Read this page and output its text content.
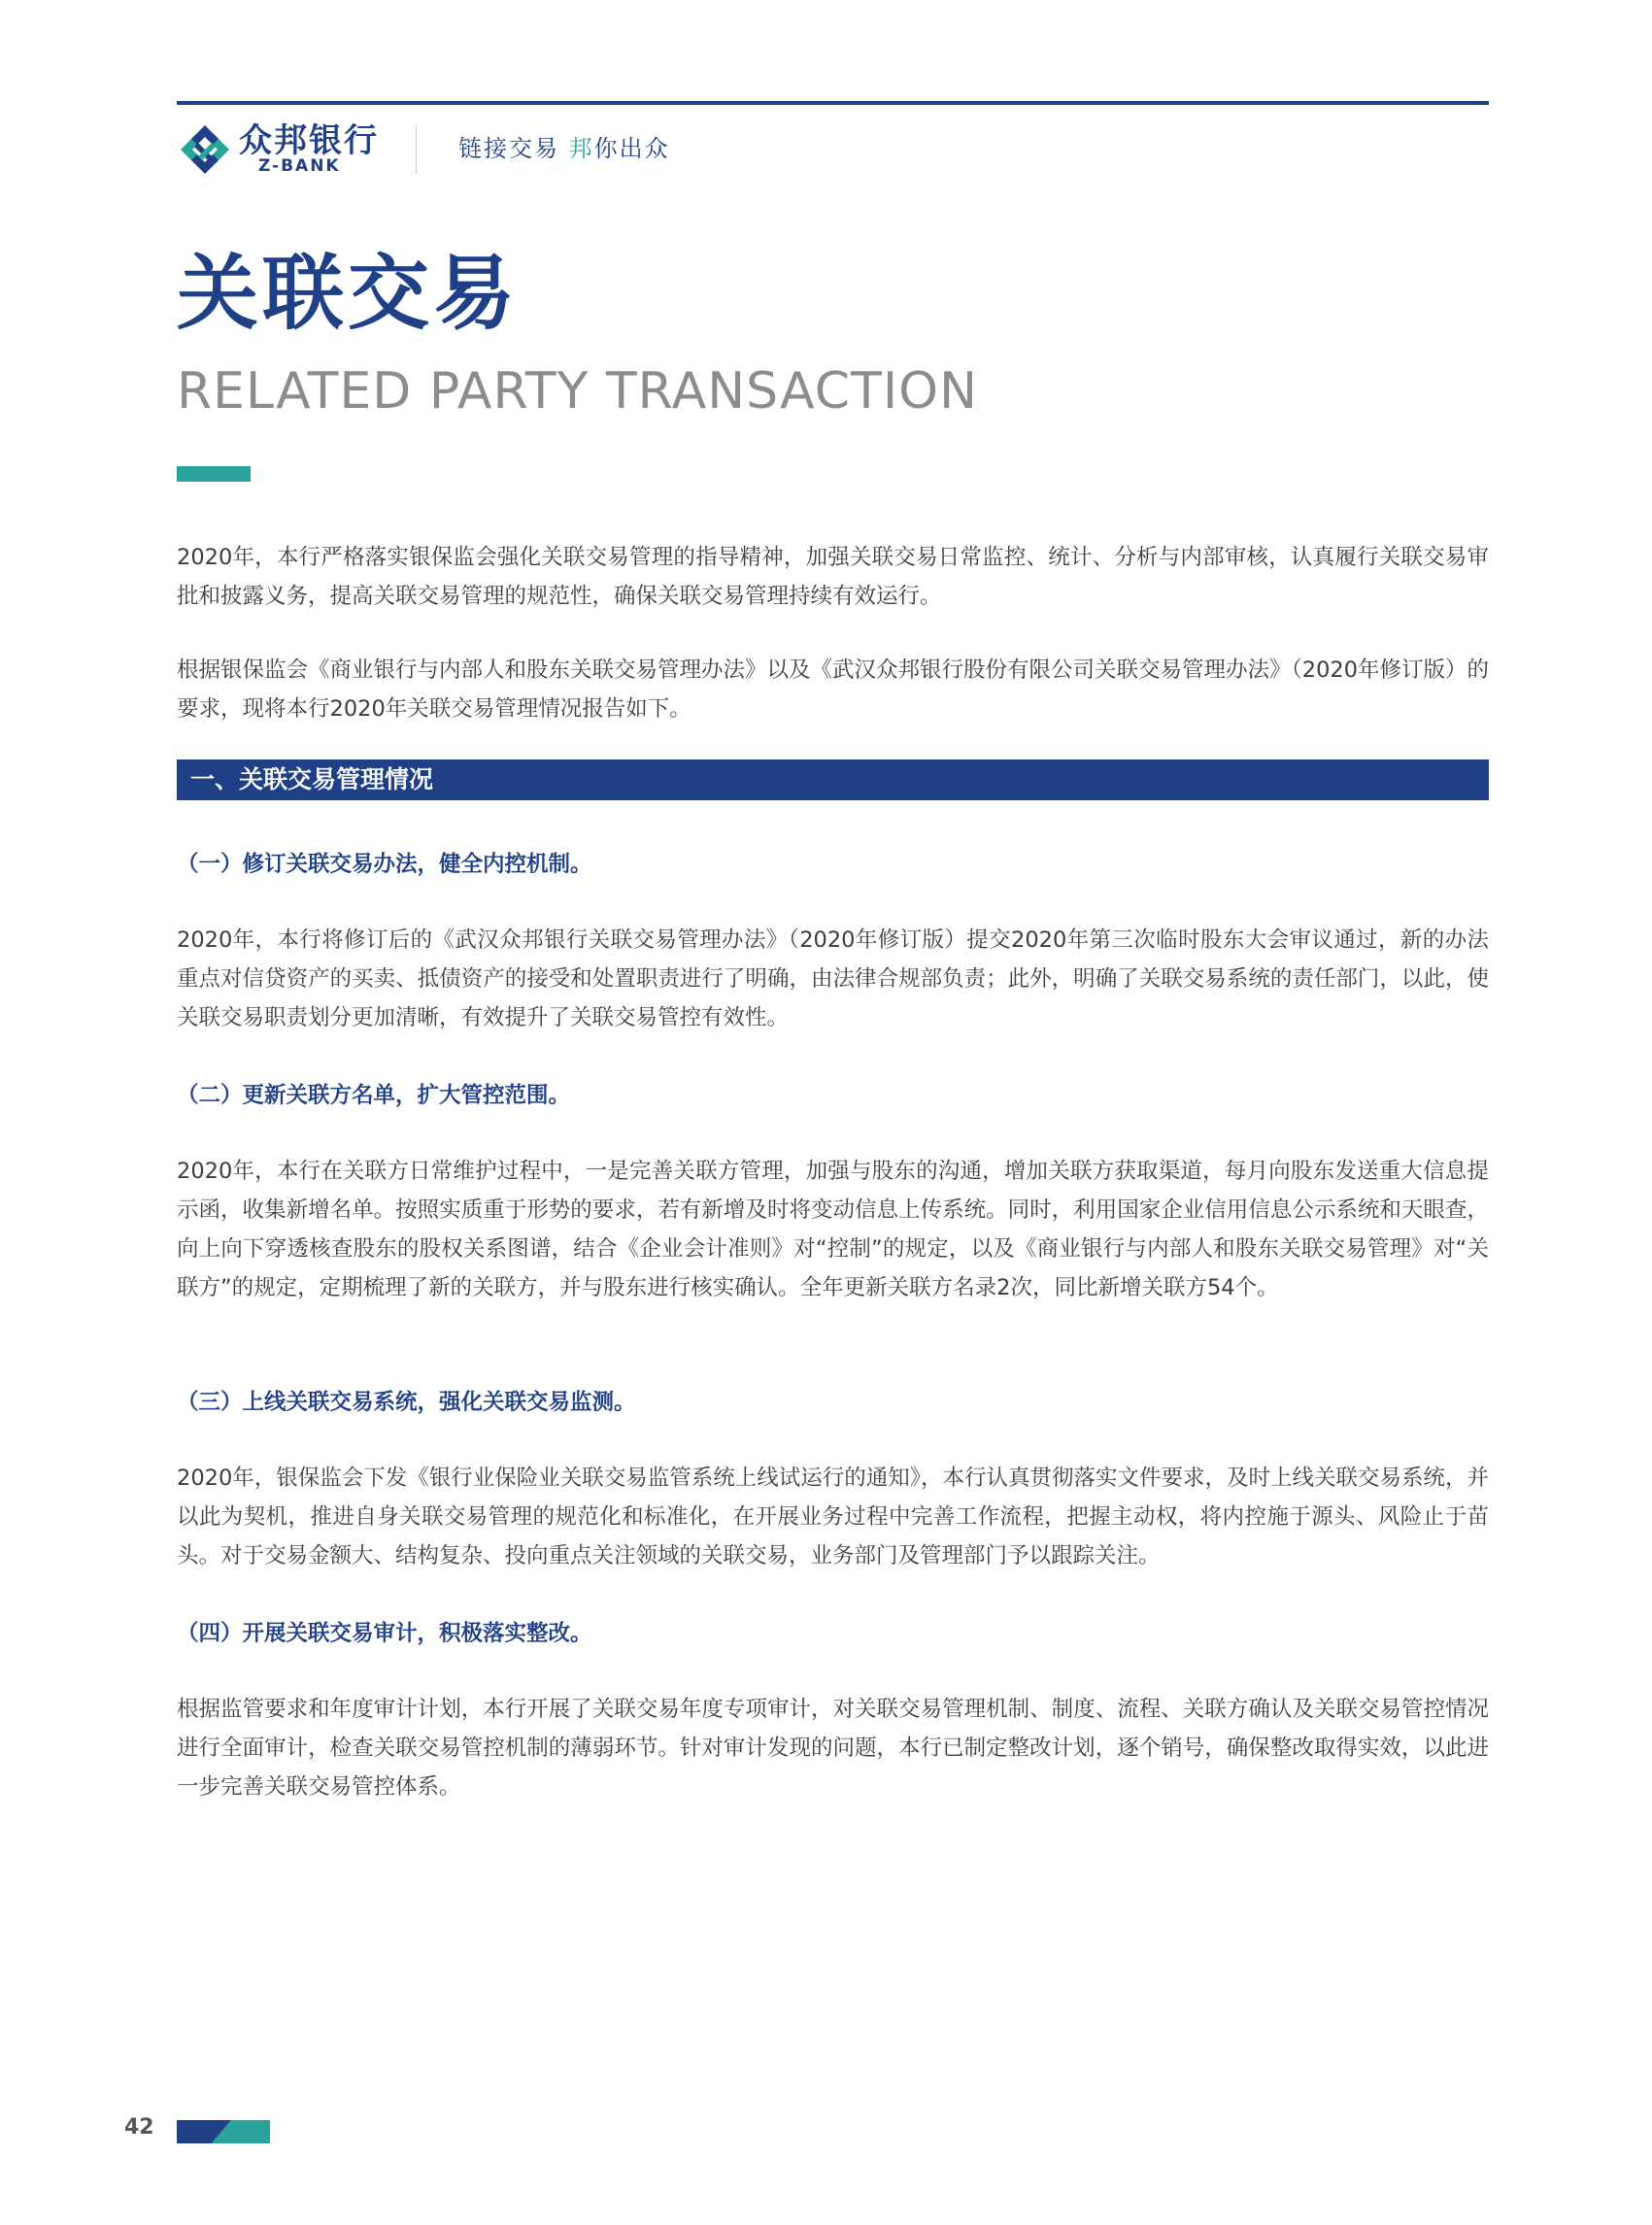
众邦银行
Z-BANK
链接交易 邦你出众
关联交易
RELATED PARTY TRANSACTION

2020年，本行严格落实银保监会强化关联交易管理的指导精神，加强关联交易日常监控、统计、分析与内部审核，认真履行关联交易审批和披露义务，提高关联交易管理的规范性，确保关联交易管理持续有效运行。

根据银保监会《商业银行与内部人和股东关联交易管理办法》以及《武汉众邦银行股份有限公司关联交易管理办法》（2020年修订版）的要求，现将本行2020年关联交易管理情况报告如下。

一、关联交易管理情况

（一）修订关联交易办法，健全内控机制。

2020年，本行将修订后的《武汉众邦银行关联交易管理办法》（2020年修订版）提交2020年第三次临时股东大会审议通过，新的办法重点对信贷资产的买卖、抵债资产的接受和处置职责进行了明确，由法律合规部负责；此外，明确了关联交易系统的责任部门，以此，使关联交易职责划分更加清晰，有效提升了关联交易管控有效性。

（二）更新关联方名单，扩大管控范围。

2020年，本行在关联方日常维护过程中，一是完善关联方管理，加强与股东的沟通，增加关联方获取渠道，每月向股东发送重大信息提示函，收集新增名单。按照实质重于形势的要求，若有新增及时将变动信息上传系统。同时，利用国家企业信用信息公示系统和天眼查，向上向下穿透核查股东的股权关系图谱，结合《企业会计准则》对“控制”的规定，以及《商业银行与内部人和股东关联交易管理》对“关联方”的规定，定期梳理了新的关联方，并与股东进行核实确认。全年更新关联方名录2次，同比新增关联方54个。

（三）上线关联交易系统，强化关联交易监测。

2020年，银保监会下发《银行业保险业关联交易监管系统上线试运行的通知》，本行认真贯彻落实文件要求，及时上线关联交易系统，并以此为契机，推进自身关联交易管理的规范化和标准化，在开展业务过程中完善工作流程，把握主动权，将内控施于源头、风险止于苗头。对于交易金额大、结构复杂、投向重点关注领域的关联交易，业务部门及管理部门予以跟踪关注。

（四）开展关联交易审计，积极落实整改。

根据监管要求和年度审计计划，本行开展了关联交易年度专项审计，对关联交易管理机制、制度、流程、关联方确认及关联交易管控情况进行全面审计，检查关联交易管控机制的薄弱环节。针对审计发现的问题，本行已制定整改计划，逐个销号，确保整改取得实效，以此进一步完善关联交易管控体系。

42
